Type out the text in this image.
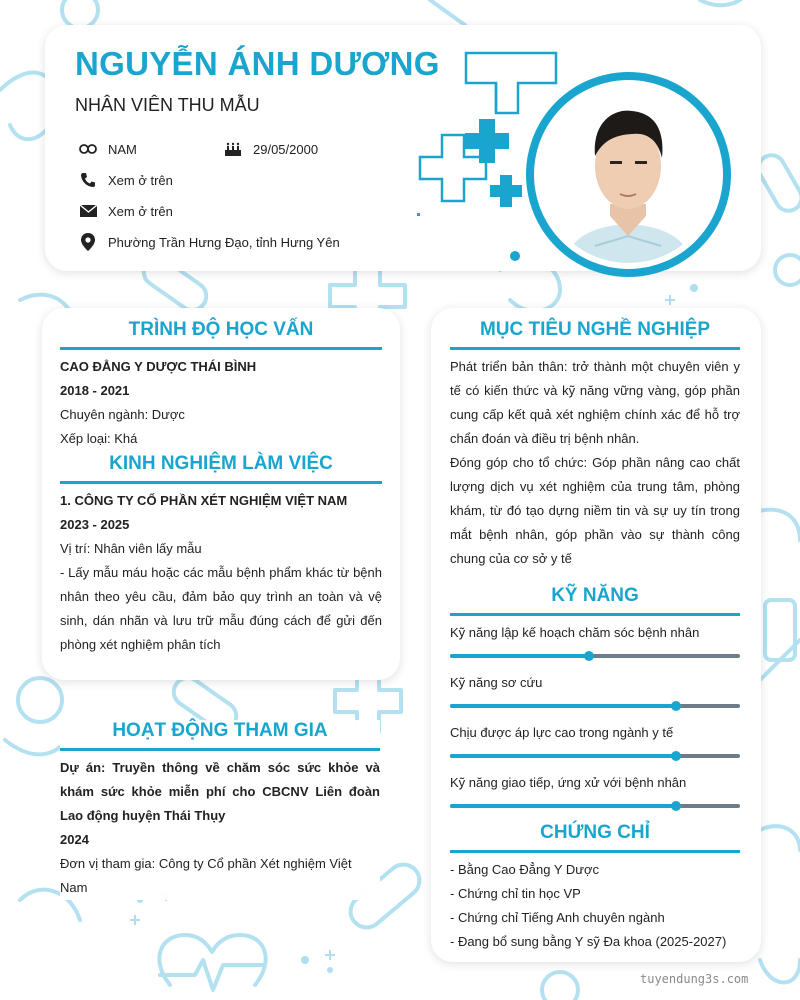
NGUYỄN ÁNH DƯƠNG
NHÂN VIÊN THU MẪU
NAM	29/05/2000
Xem ở trên
Xem ở trên
Phường Trần Hưng Đạo, tỉnh Hưng Yên
TRÌNH ĐỘ HỌC VẤN
CAO ĐẲNG Y DƯỢC THÁI BÌNH
2018 - 2021
Chuyên ngành: Dược
Xếp loại: Khá
KINH NGHIỆM LÀM VIỆC
1. CÔNG TY CỔ PHẦN XÉT NGHIỆM VIỆT NAM
2023 - 2025
Vị trí: Nhân viên lấy mẫu
- Lấy mẫu máu hoặc các mẫu bệnh phẩm khác từ bệnh nhân theo yêu cầu, đảm bảo quy trình an toàn và vệ sinh, dán nhãn và lưu trữ mẫu đúng cách để gửi đến phòng xét nghiệm phân tích
HOẠT ĐỘNG THAM GIA
Dự án: Truyền thông về chăm sóc sức khỏe và khám sức khỏe miễn phí cho CBCNV Liên đoàn Lao động huyện Thái Thụy
2024
Đơn vị tham gia: Công ty Cổ phần Xét nghiệm Việt Nam
MỤC TIÊU NGHỀ NGHIỆP
Phát triển bản thân: trở thành một chuyên viên y tế có kiến thức và kỹ năng vững vàng, góp phần cung cấp kết quả xét nghiệm chính xác để hỗ trợ chẩn đoán và điều trị bệnh nhân.
Đóng góp cho tổ chức: Góp phần nâng cao chất lượng dịch vụ xét nghiệm của trung tâm, phòng khám, từ đó tạo dựng niềm tin và sự uy tín trong mắt bệnh nhân, góp phần vào sự thành công chung của cơ sở y tế
KỸ NĂNG
Kỹ năng lập kế hoạch chăm sóc bệnh nhân
Kỹ năng sơ cứu
Chịu được áp lực cao trong ngành y tế
Kỹ năng giao tiếp, ứng xử với bệnh nhân
CHỨNG CHỈ
- Bằng Cao Đẳng Y Dược
- Chứng chỉ tin học VP
- Chứng chỉ Tiếng Anh chuyên ngành
- Đang bổ sung bằng Y sỹ Đa khoa (2025-2027)
tuyendung3s.com
